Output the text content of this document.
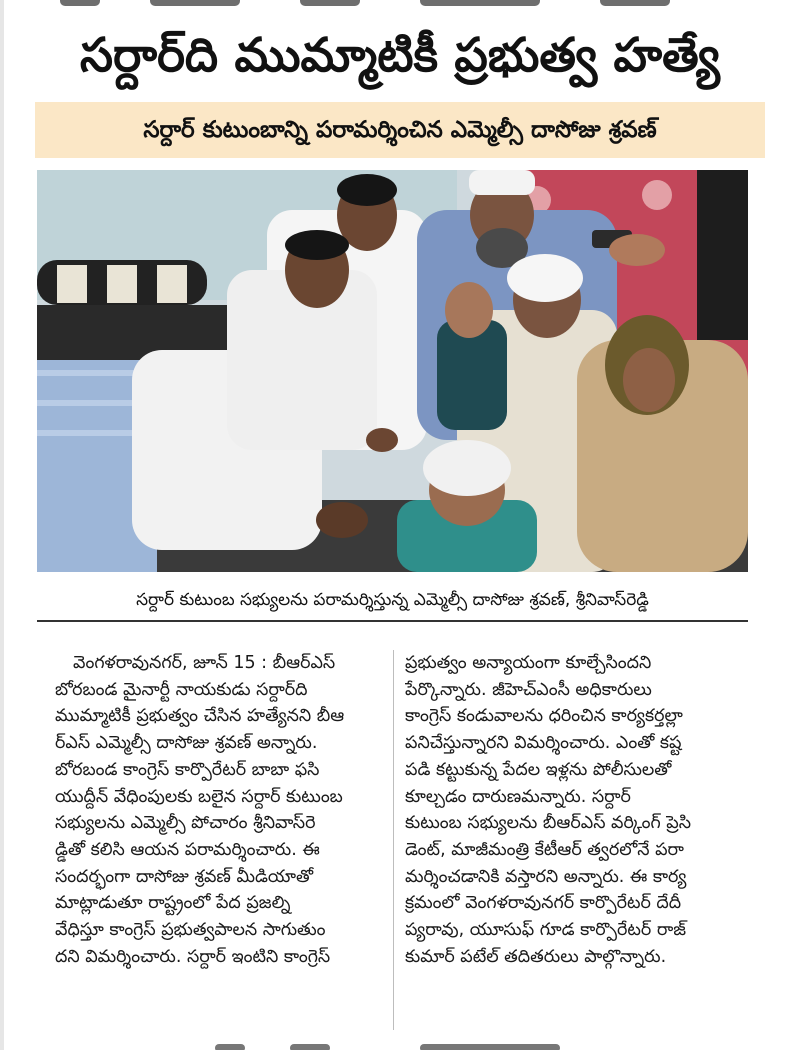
సర్దార్‌ది ముమ్మాటికీ ప్రభుత్వ హత్యే
సర్దార్ కుటుంబాన్ని పరామర్శించిన ఎమ్మెల్సీ దాసోజు శ్రవణ్
సర్దార్ కుటుంబ సభ్యులను పరామర్శిస్తున్న ఎమ్మెల్సీ దాసోజు శ్రవణ్, శ్రీనివాస్‌రెడ్డి
వెంగళరావునగర్, జూన్ 15 : బీఆర్ఎస్
బోరబండ మైనార్టీ నాయకుడు సర్దార్‌ది
ముమ్మాటికీ ప్రభుత్వం చేసిన హత్యేనని బీఆ
ర్ఎస్ ఎమ్మెల్సీ దాసోజు శ్రవణ్ అన్నారు.
బోరబండ కాంగ్రెస్ కార్పొరేటర్ బాబా ఫసి
యుద్దీన్ వేధింపులకు బలైన సర్దార్ కుటుంబ
సభ్యులను ఎమ్మెల్సీ పోచారం శ్రీనివాస్‌రె
డ్డితో కలిసి ఆయన పరామర్శించారు. ఈ
సందర్భంగా దాసోజు శ్రవణ్ మీడియాతో
మాట్లాడుతూ రాష్ట్రంలో పేద ప్రజల్ని
వేధిస్తూ కాంగ్రెస్ ప్రభుత్వపాలన సాగుతుం
దని విమర్శించారు. సర్దార్ ఇంటిని కాంగ్రెస్
ప్రభుత్వం అన్యాయంగా కూల్చేసిందని
పేర్కొన్నారు. జీహెచ్ఎంసీ అధికారులు
కాంగ్రెస్ కండువాలను ధరించిన కార్యకర్తల్లా
పనిచేస్తున్నారని విమర్శించారు. ఎంతో కష్ట
పడి కట్టుకున్న పేదల ఇళ్లను పోలీసులతో
కూల్చడం దారుణమన్నారు. సర్దార్
కుటుంబ సభ్యులను బీఆర్ఎస్ వర్కింగ్ ప్రెసి
డెంట్, మాజీమంత్రి కేటీఆర్ త్వరలోనే పరా
మర్శించడానికి వస్తారని అన్నారు. ఈ కార్య
క్రమంలో వెంగళరావునగర్ కార్పొరేటర్ దేదీ
ప్యరావు, యూసుఫ్ గూడ కార్పొరేటర్ రాజ్
కుమార్ పటేల్ తదితరులు పాల్గొన్నారు.
